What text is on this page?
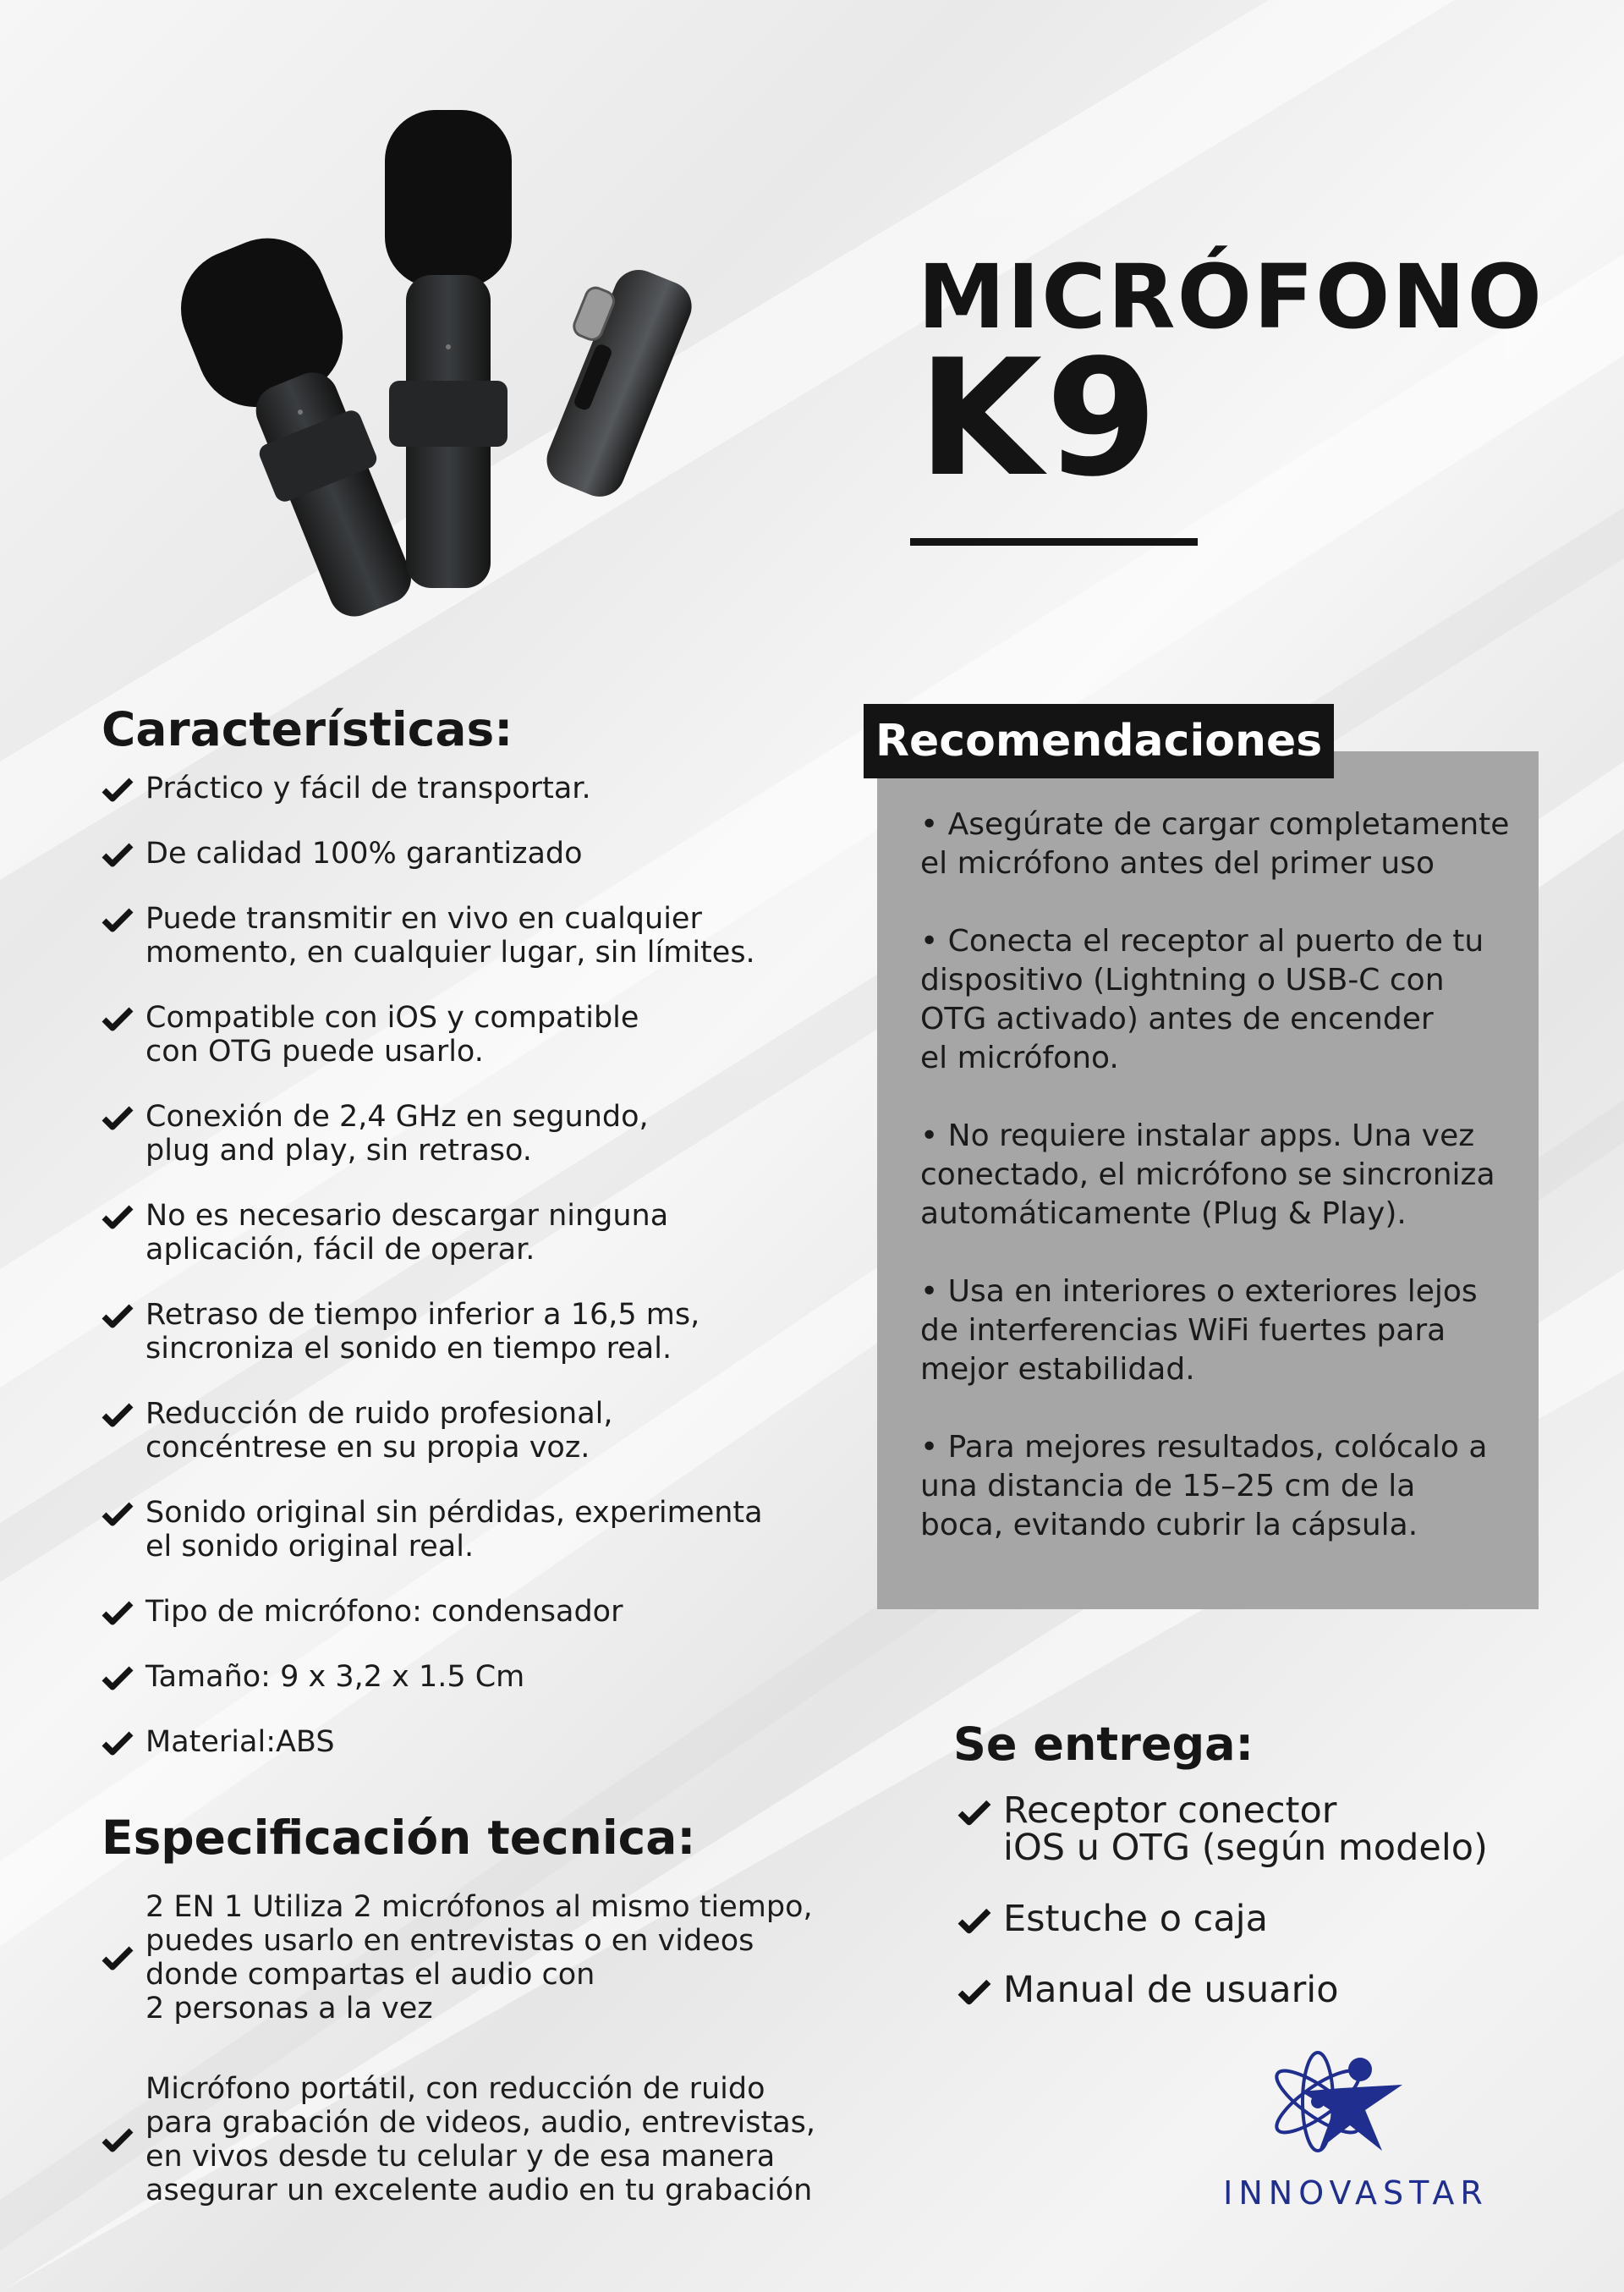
MICRÓFONO
K9
Características:
Práctico y fácil de transportar.
De calidad 100% garantizado
Puede transmitir en vivo en cualquier
momento, en cualquier lugar, sin límites.
Compatible con iOS y compatible
con OTG puede usarlo.
Conexión de 2,4 GHz en segundo,
plug and play, sin retraso.
No es necesario descargar ninguna
aplicación, fácil de operar.
Retraso de tiempo inferior a 16,5 ms,
sincroniza el sonido en tiempo real.
Reducción de ruido profesional,
concéntrese en su propia voz.
Sonido original sin pérdidas, experimenta
el sonido original real.
Tipo de micrófono: condensador
Tamaño: 9 x 3,2 x 1.5 Cm
Material:ABS
Especificación tecnica:
2 EN 1 Utiliza 2 micrófonos al mismo tiempo,
puedes usarlo en entrevistas o en videos
donde compartas el audio con
2 personas a la vez
Micrófono portátil, con reducción de ruido
para grabación de videos, audio, entrevistas,
en vivos desde tu celular y de esa manera
asegurar un excelente audio en tu grabación
Recomendaciones
• Asegúrate de cargar completamente
el micrófono antes del primer uso
• Conecta el receptor al puerto de tu
dispositivo (Lightning o USB-C con
OTG activado) antes de encender
el micrófono.
• No requiere instalar apps. Una vez
conectado, el micrófono se sincroniza
automáticamente (Plug & Play).
• Usa en interiores o exteriores lejos
de interferencias WiFi fuertes para
mejor estabilidad.
• Para mejores resultados, colócalo a
una distancia de 15–25 cm de la
boca, evitando cubrir la cápsula.
Se entrega:
Receptor conector
iOS u OTG (según modelo)
Estuche o caja
Manual de usuario
INNOVASTAR
